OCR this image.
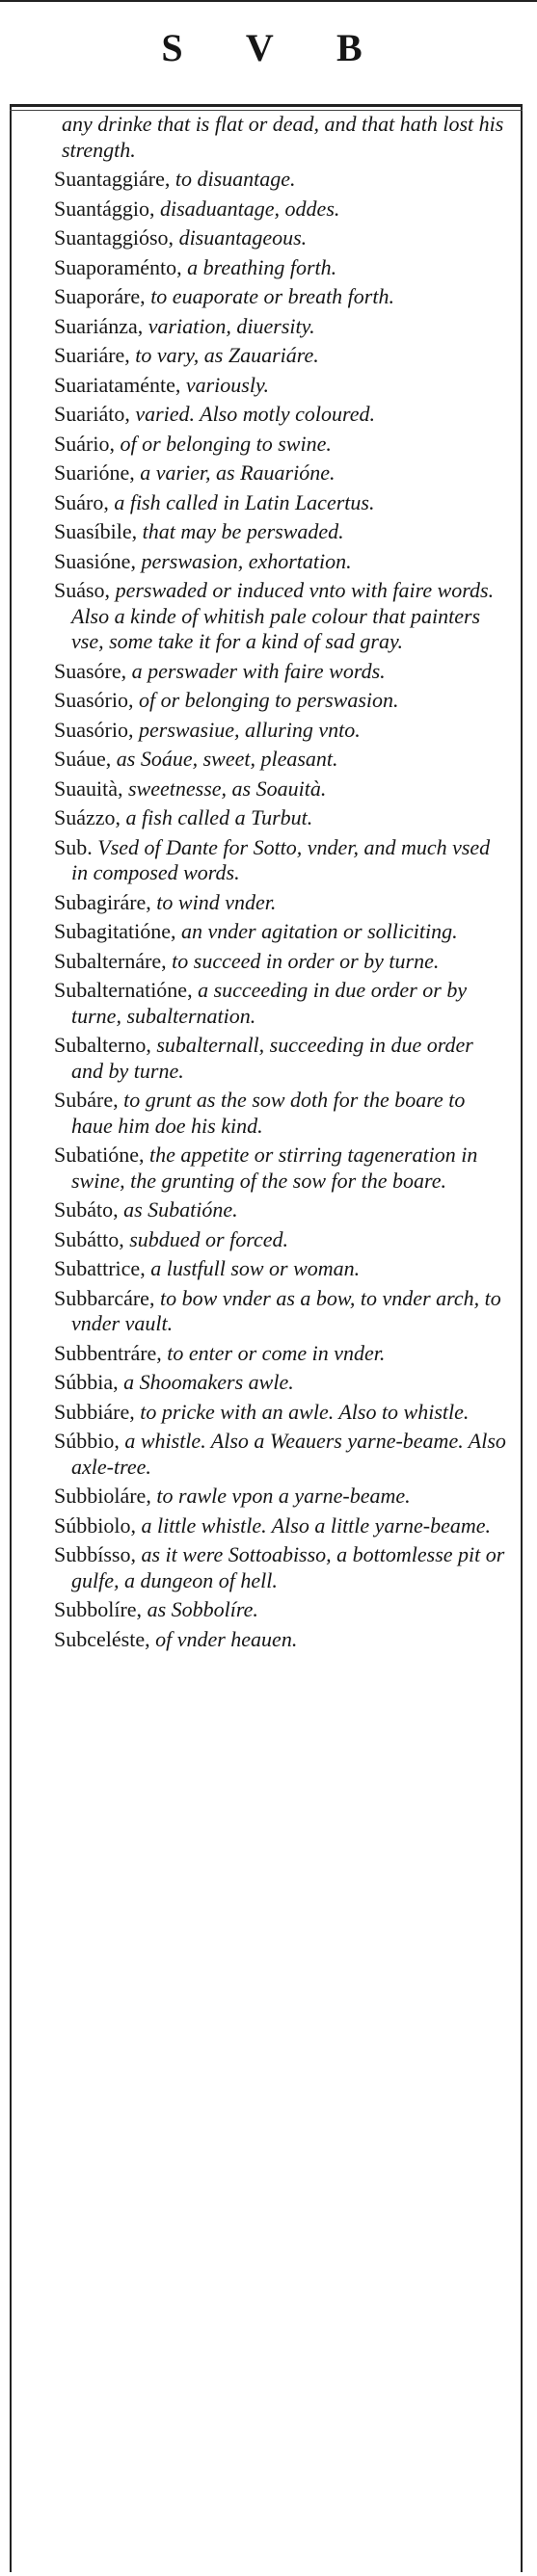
S V B

any drinke that is flat or dead, and that hath lost his strength.

Suantaggiáre, to disuantage.

Suantággio, disaduantage, oddes.

Suantaggióso, disuantageous.

Suaporaménto, a breathing forth.

Suaporáre, to euaporate or breath forth.

Suariánza, variation, diuersity.

Suariáre, to vary, as Zauariáre.

Suariataménte, variously.

Suariáto, varied. Also motly coloured.

Suário, of or belonging to swine.

Suarióne, a varier, as Rauarióne.

Suáro, a fish called in Latin Lacertus.

Suasíbile, that may be perswaded.

Suasióne, perswasion, exhortation.

Suáso, perswaded or induced vnto with faire words. Also a kinde of whitish pale colour that painters vse, some take it for a kind of sad gray.

Suasóre, a perswader with faire words.

Suasório, of or belonging to perswasion.

Suasório, perswasiue, alluring vnto.

Suáue, as Soáue, sweet, pleasant.

Suauità, sweetnesse, as Soauità.

Suázzo, a fish called a Turbut.

Sub. Vsed of Dante for Sotto, vnder, and much vsed in composed words.

Subagiráre, to wind vnder.

Subagitatióne, an vnder agitation or solliciting.

Subalternáre, to succeed in order or by turne.

Subalternatióne, a succeeding in due order or by turne, subalternation.

Subalterno, subalternall, succeeding in due order and by turne.

Subáre, to grunt as the sow doth for the boare to haue him doe his kind.

Subatióne, the appetite or stirring tageneration in swine, the grunting of the sow for the boare.

Subáto, as Subatióne.

Subátto, subdued or forced.

Subattrice, a lustfull sow or woman.

Subbarcáre, to bow vnder as a bow, to vnder arch, to vnder vault.

Subbentráre, to enter or come in vnder.

Súbbia, a Shoomakers awle.

Subbiáre, to pricke with an awle. Also to whistle.

Súbbio, a whistle. Also a Weauers yarne-beame. Also axle-tree.

Subbioláre, to rawle vpon a yarne-beame.

Súbbiolo, a little whistle. Also a little yarne-beame.

Subbísso, as it were Sottoabisso, a bottomlesse pit or gulfe, a dungeon of hell.

Subbolíre, as Sobbolíre.

Subceléste, of vnder heauen.
